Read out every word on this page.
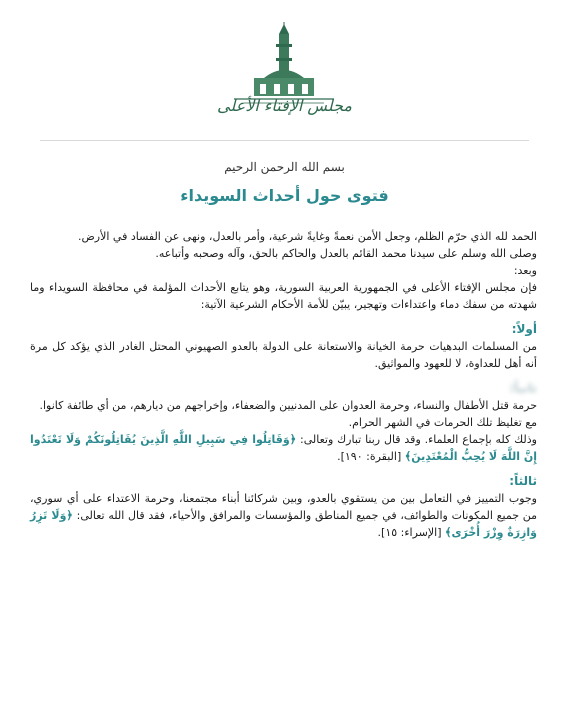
مجلس الإفتاء الأعلى
بسم الله الرحمن الرحيم
فتوى حول أحداث السويداء

الحمد لله الذي حرّم الظلم، وجعل الأمن نعمةً وغايةً شرعية، وأمر بالعدل، ونهى عن الفساد في الأرض.

وصلى الله وسلم على سيدنا محمد القائم بالعدل والحاكم بالحق، وآله وصحبه وأتباعه.

وبعد:

فإن مجلس الإفتاء الأعلى في الجمهورية العربية السورية، وهو يتابع الأحداث المؤلمة في محافظة السويداء وما شهدته من سفك دماء واعتداءات وتهجير، يبيّن للأمة الأحكام الشرعية الآتية:

أولاً:

من المسلمات البدهيات حرمة الخيانة والاستعانة على الدولة بالعدو الصهيوني المحتل الغادر الذي يؤكد كل مرة أنه أهل للعداوة، لا للعهود والمواثيق.

ثانياً:

حرمة قتل الأطفال والنساء، وحرمة العدوان على المدنيين والضعفاء، وإخراجهم من ديارهم، من أي طائفة كانوا.

مع تغليظ تلك الحرمات في الشهر الحرام.

وذلك كله بإجماع العلماء. وقد قال ربنا تبارك وتعالى: ﴿وَقَاتِلُوا فِي سَبِيلِ اللَّهِ الَّذِينَ يُقَاتِلُونَكُمْ وَلَا تَعْتَدُوا إِنَّ اللَّهَ لَا يُحِبُّ الْمُعْتَدِينَ﴾ [البقرة: ١٩٠].

ثالثاً:

وجوب التمييز في التعامل بين من يستقوي بالعدو، وبين شركائنا أبناء مجتمعنا، وحرمة الاعتداء على أي سوري، من جميع المكونات والطوائف، في جميع المناطق والمؤسسات والمرافق والأحياء، فقد قال الله تعالى: ﴿وَلَا تَزِرُ وَازِرَةٌ وِزْرَ أُخْرَى﴾ [الإسراء: ١٥].
